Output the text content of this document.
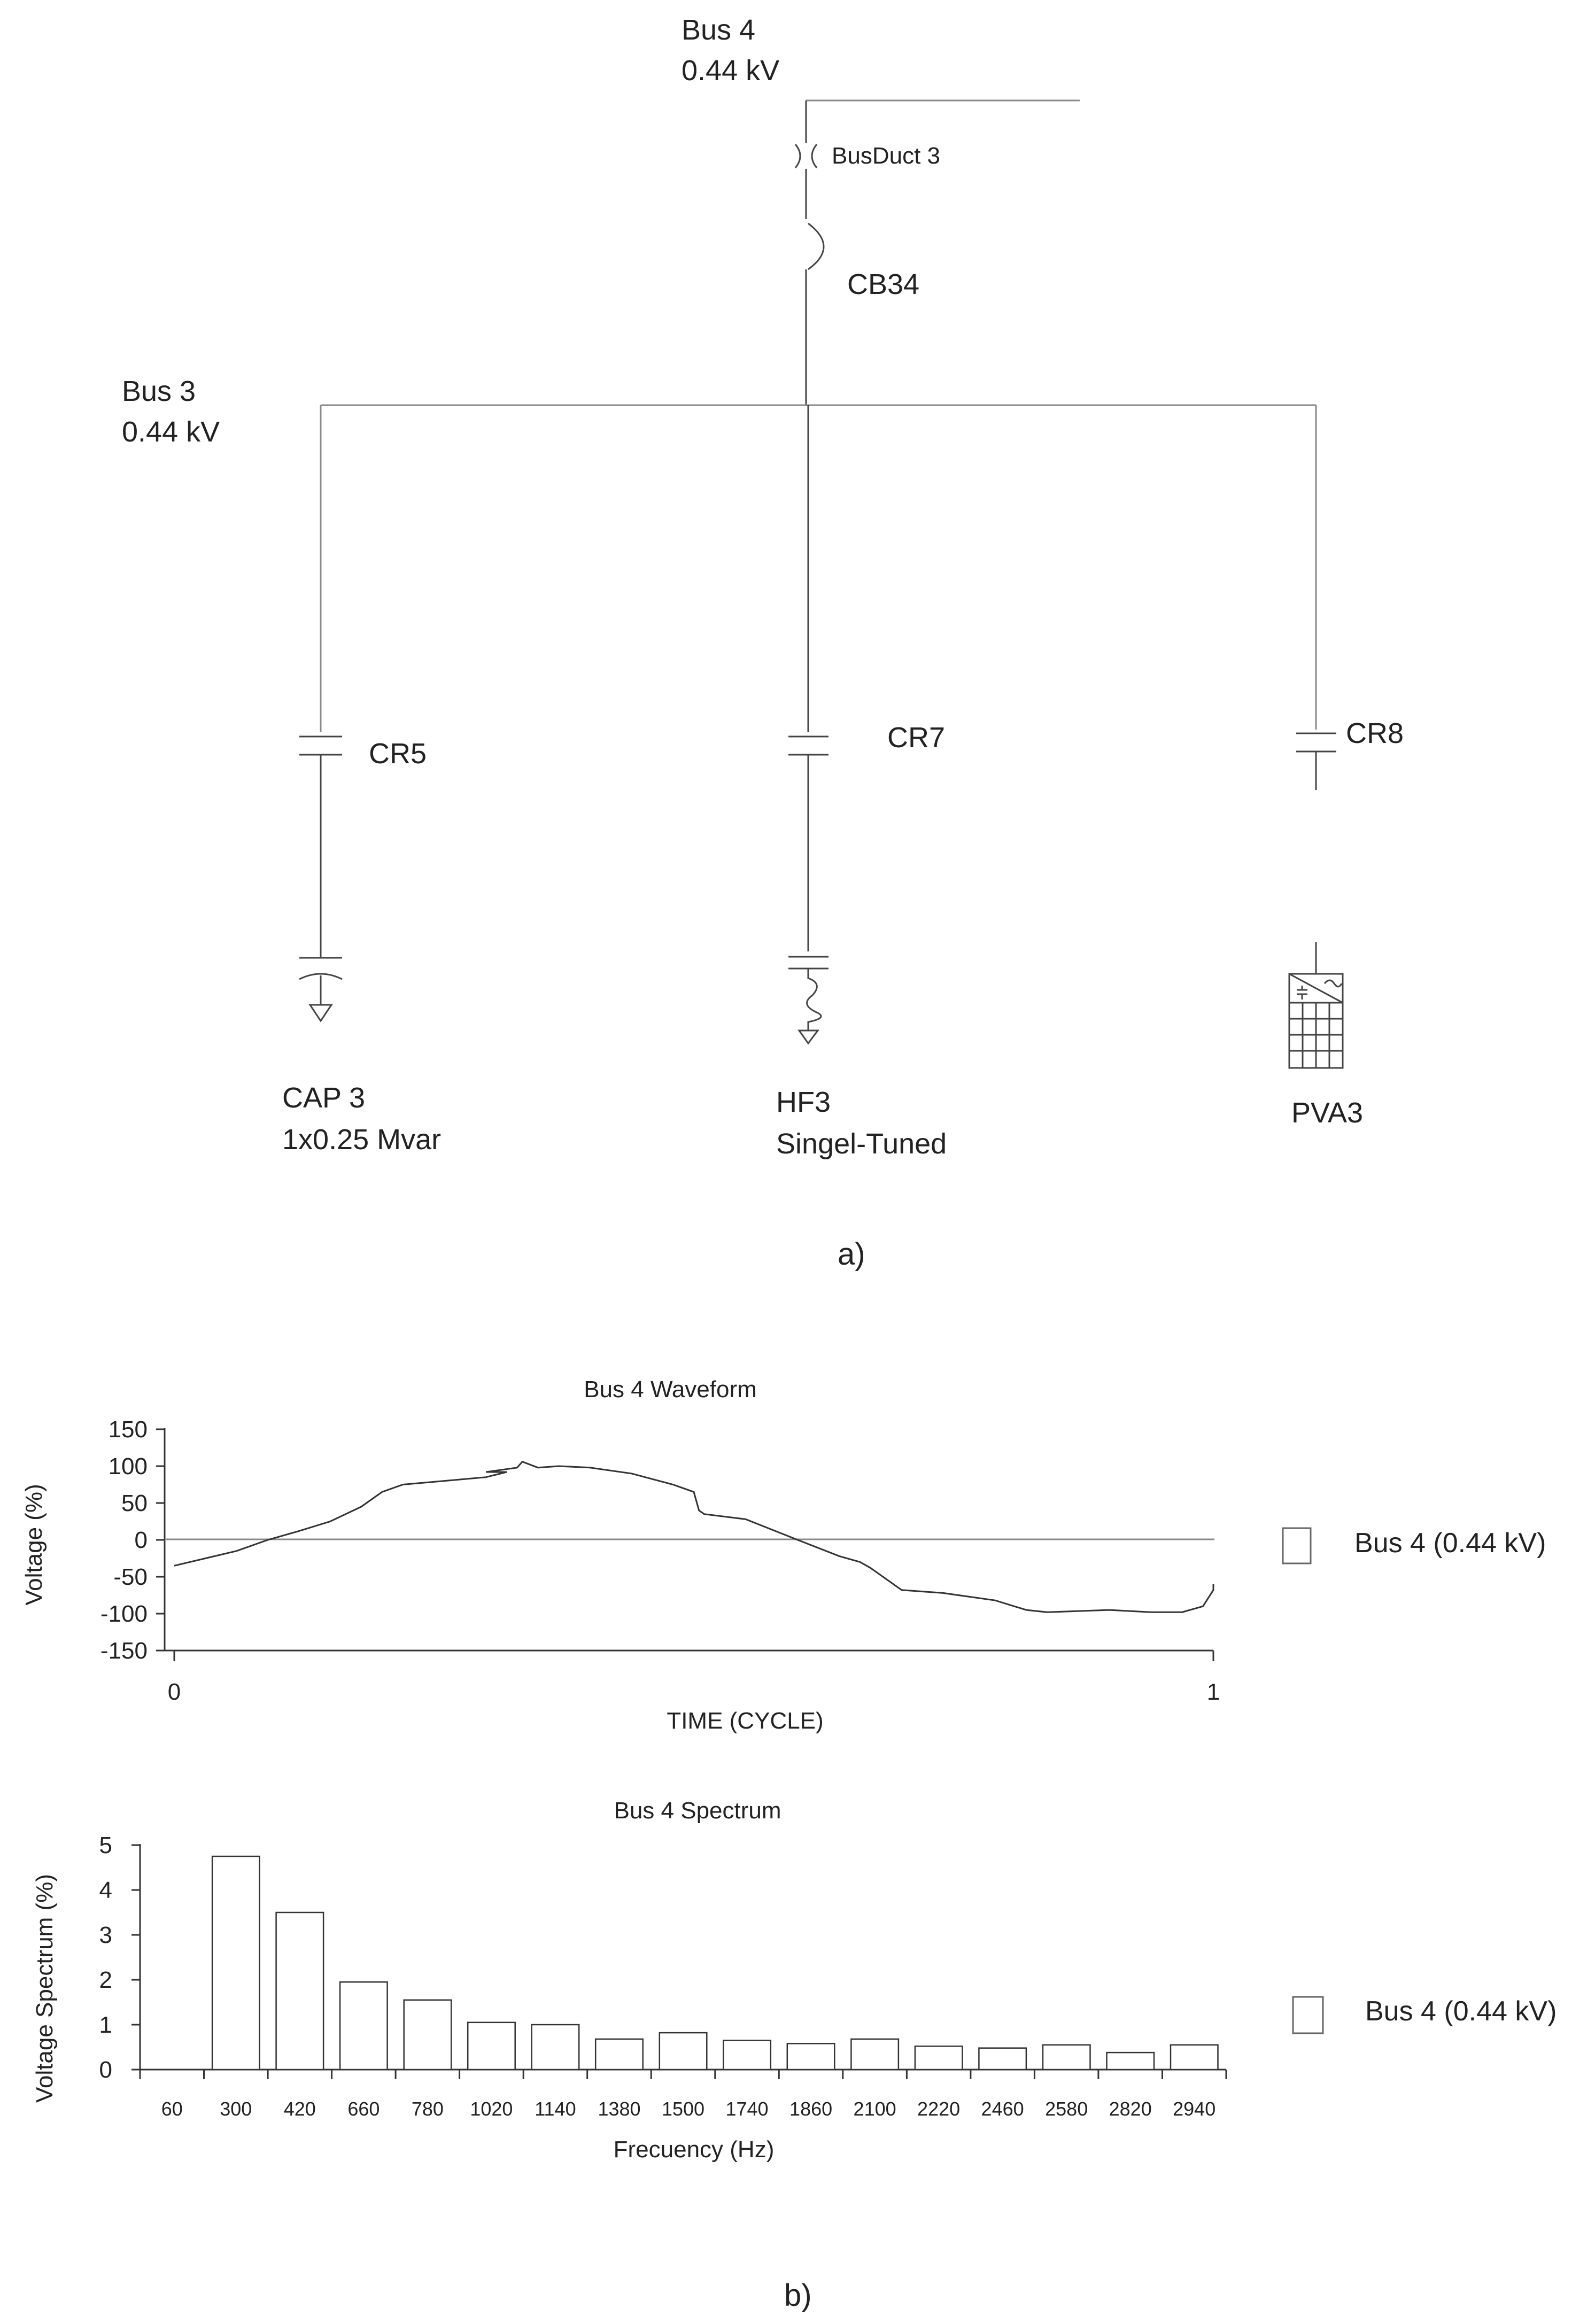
Bus 4
0.44 kV
BusDuct 3
CB34
Bus 3
0.44 kV
CR5
CAP 3
1x0.25 Mvar
CR7
HF3
Singel-Tuned
CR8
PVA3
a)
Bus 4 Waveform
Voltage (%)
150
100
50
0
-50
-100
-150
0	1
TIME (CYCLE)
Bus 4 (0.44 kV)
Bus 4 Spectrum
Voltage Spectrum (%)
5
4
3
2
1
0
60 300 420 660 780 1020 1140 1380 1500 1740 1860 2100 2220 2460 2580 2820 2940
Frecuency (Hz)
Bus 4 (0.44 kV)
b)
